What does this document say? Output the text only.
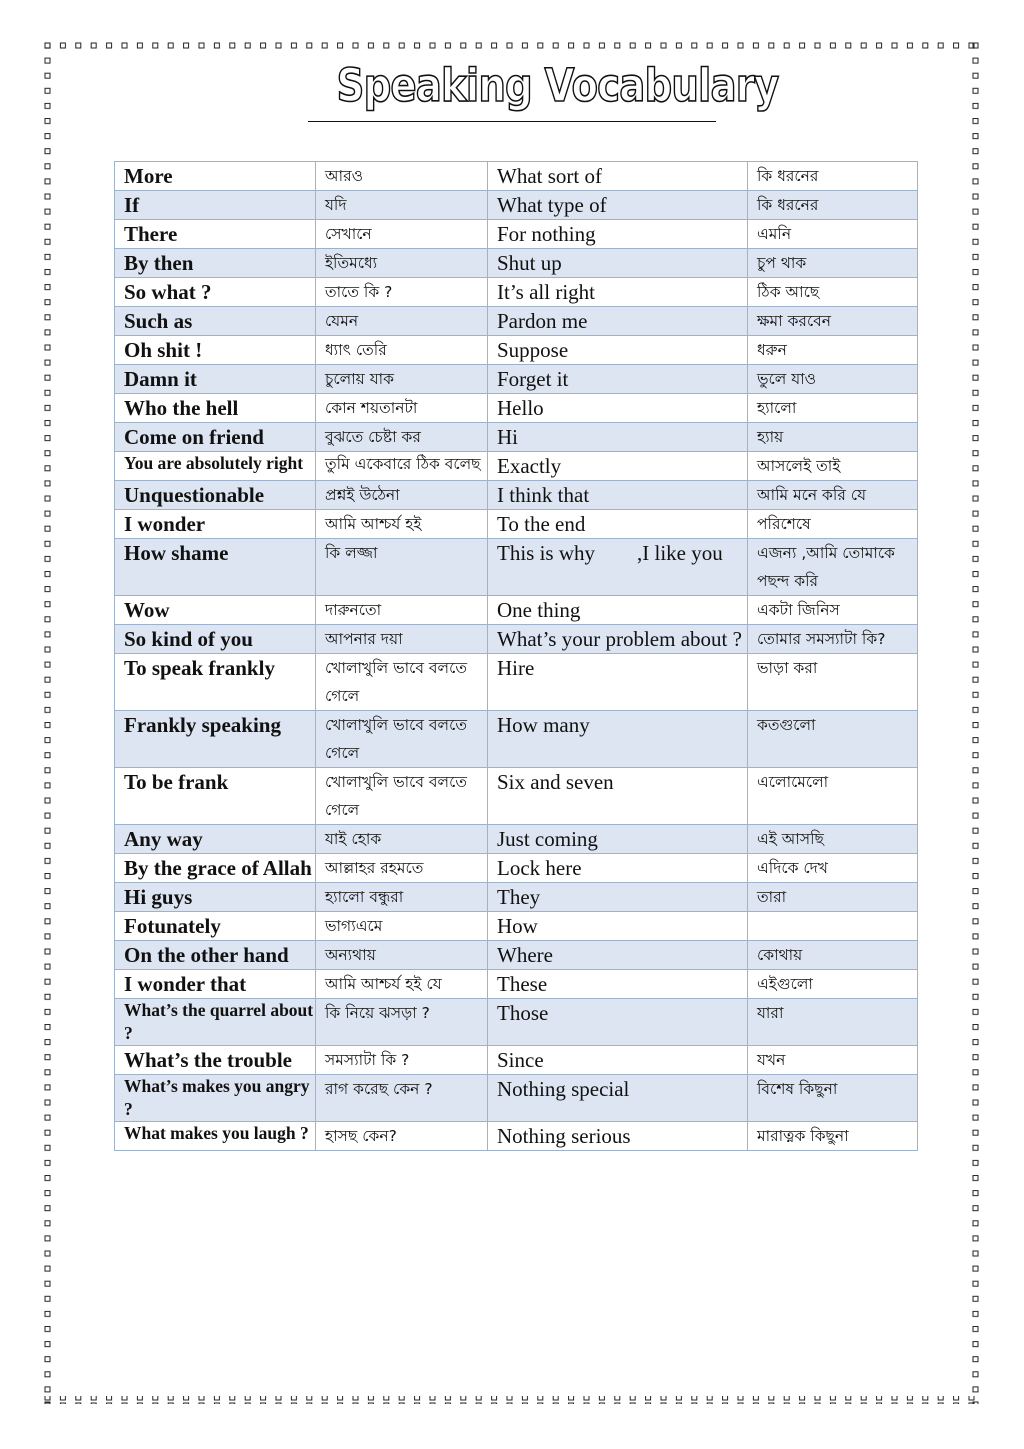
Speaking Vocabulary
More	আরও	What sort of	কি ধরনের
If	যদি	What type of	কি ধরনের
There	সেখানে	For nothing	এমনি
By then	ইতিমধ্যে	Shut up	চুপ থাক
So what ?	তাতে কি ?	It’s all right	ঠিক আছে
Such as	যেমন	Pardon me	ক্ষমা করবেন
Oh shit !	ধ্যাৎ তেরি	Suppose	ধরুন
Damn it	চুলোয় যাক	Forget it	ভুলে যাও
Who the hell	কোন শয়তানটা	Hello	হ্যালো
Come on friend	বুঝতে চেষ্টা কর	Hi	হ্যায়
You are absolutely right	তুমি একেবারে ঠিক বলেছ	Exactly	আসলেই তাই
Unquestionable	প্রশ্নই উঠেনা	I think that	আমি মনে করি যে
I wonder	আমি আশ্চর্য হই	To the end	পরিশেষে
How shame	কি লজ্জা	This is why        ,I like you	এজন্য ,আমি তোমাকে পছন্দ করি
Wow	দারুনতো	One thing	একটা জিনিস
So kind of you	আপনার দয়া	What’s your problem about ?	তোমার সমস্যাটা কি?
To speak frankly	খোলাখুলি ভাবে বলতে গেলে	Hire	ভাড়া করা
Frankly speaking	খোলাখুলি ভাবে বলতে গেলে	How many	কতগুলো
To be frank	খোলাখুলি ভাবে বলতে গেলে	Six and seven	এলোমেলো
Any way	যাই হোক	Just coming	এই আসছি
By the grace of Allah	আল্লাহর রহমতে	Lock here	এদিকে দেখ
Hi guys	হ্যালো বন্ধুরা	They	তারা
Fotunately	ভাগ্যএমে	How	
On the other hand	অন্যথায়	Where	কোথায়
I wonder that	আমি আশ্চর্য হই যে	These	এইগুলো
What’s the quarrel about ?	কি নিয়ে ঝসড়া ?	Those	যারা
What’s the trouble	সমস্যাটা কি ?	Since	যখন
What’s makes you angry ?	রাগ করেছ কেন ?	Nothing special	বিশেষ কিছুনা
What makes you laugh ?	হাসছ কেন?	Nothing serious	মারাত্নক কিছুনা
